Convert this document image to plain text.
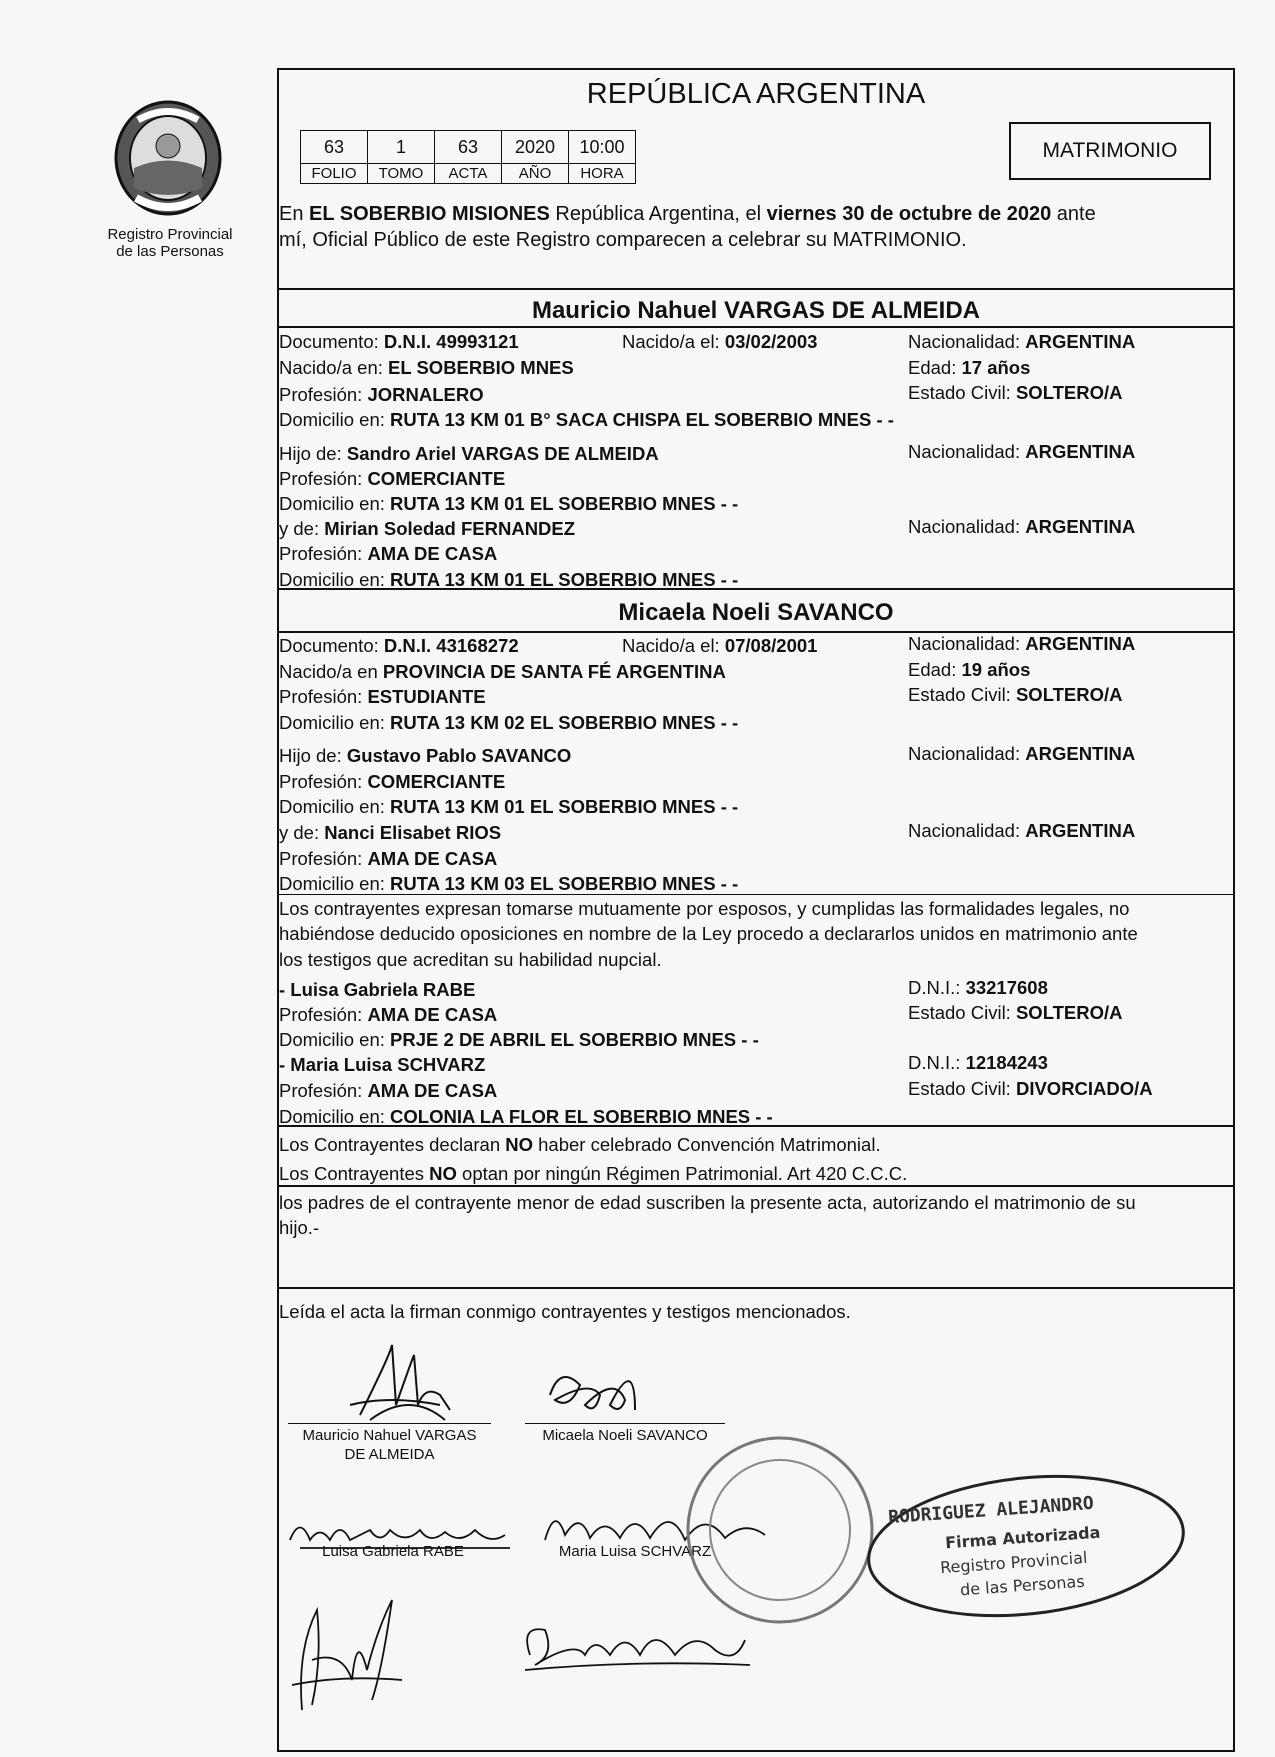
Registro Provincial
de las Personas
REPÚBLICA ARGENTINA
63	1	63	2020	10:00
FOLIO	TOMO	ACTA	AÑO	HORA
MATRIMONIO
En EL SOBERBIO MISIONES República Argentina, el viernes 30 de octubre de 2020 ante
mí, Oficial Público de este Registro comparecen a celebrar su MATRIMONIO.
Mauricio Nahuel VARGAS DE ALMEIDA
Documento: D.N.I. 49993121	Nacido/a el: 03/02/2003	Nacionalidad: ARGENTINA
Nacido/a en: EL SOBERBIO MNES	Edad: 17 años
Profesión: JORNALERO	Estado Civil: SOLTERO/A
Domicilio en: RUTA 13 KM 01 B° SACA CHISPA EL SOBERBIO MNES - -
Hijo de: Sandro Ariel VARGAS DE ALMEIDA	Nacionalidad: ARGENTINA
Profesión: COMERCIANTE
Domicilio en: RUTA 13 KM 01 EL SOBERBIO MNES - -
y de: Mirian Soledad FERNANDEZ	Nacionalidad: ARGENTINA
Profesión: AMA DE CASA
Domicilio en: RUTA 13 KM 01 EL SOBERBIO MNES - -
Micaela Noeli SAVANCO
Documento: D.N.I. 43168272	Nacido/a el: 07/08/2001	Nacionalidad: ARGENTINA
Nacido/a en PROVINCIA DE SANTA FÉ ARGENTINA	Edad: 19 años
Profesión: ESTUDIANTE	Estado Civil: SOLTERO/A
Domicilio en: RUTA 13 KM 02 EL SOBERBIO MNES - -
Hijo de: Gustavo Pablo SAVANCO	Nacionalidad: ARGENTINA
Profesión: COMERCIANTE
Domicilio en: RUTA 13 KM 01 EL SOBERBIO MNES - -
y de: Nanci Elisabet RIOS	Nacionalidad: ARGENTINA
Profesión: AMA DE CASA
Domicilio en: RUTA 13 KM 03 EL SOBERBIO MNES - -
Los contrayentes expresan tomarse mutuamente por esposos, y cumplidas las formalidades legales, no
habiéndose deducido oposiciones en nombre de la Ley procedo a declararlos unidos en matrimonio ante
los testigos que acreditan su habilidad nupcial.
- Luisa Gabriela RABE	D.N.I.: 33217608
Profesión: AMA DE CASA	Estado Civil: SOLTERO/A
Domicilio en: PRJE 2 DE ABRIL EL SOBERBIO MNES - -
- Maria Luisa SCHVARZ	D.N.I.: 12184243
Profesión: AMA DE CASA	Estado Civil: DIVORCIADO/A
Domicilio en: COLONIA LA FLOR EL SOBERBIO MNES - -
Los Contrayentes declaran NO haber celebrado Convención Matrimonial.
Los Contrayentes NO optan por ningún Régimen Patrimonial. Art 420 C.C.C.
los padres de el contrayente menor de edad suscriben la presente acta, autorizando el matrimonio de su
hijo.-
Leída el acta la firman conmigo contrayentes y testigos mencionados.
Mauricio Nahuel VARGAS
DE ALMEIDA
Micaela Noeli SAVANCO
Luisa Gabriela RABE	Maria Luisa SCHVARZ
RODRIGUEZ ALEJANDRO
Firma Autorizada
Registro Provincial
de las Personas
